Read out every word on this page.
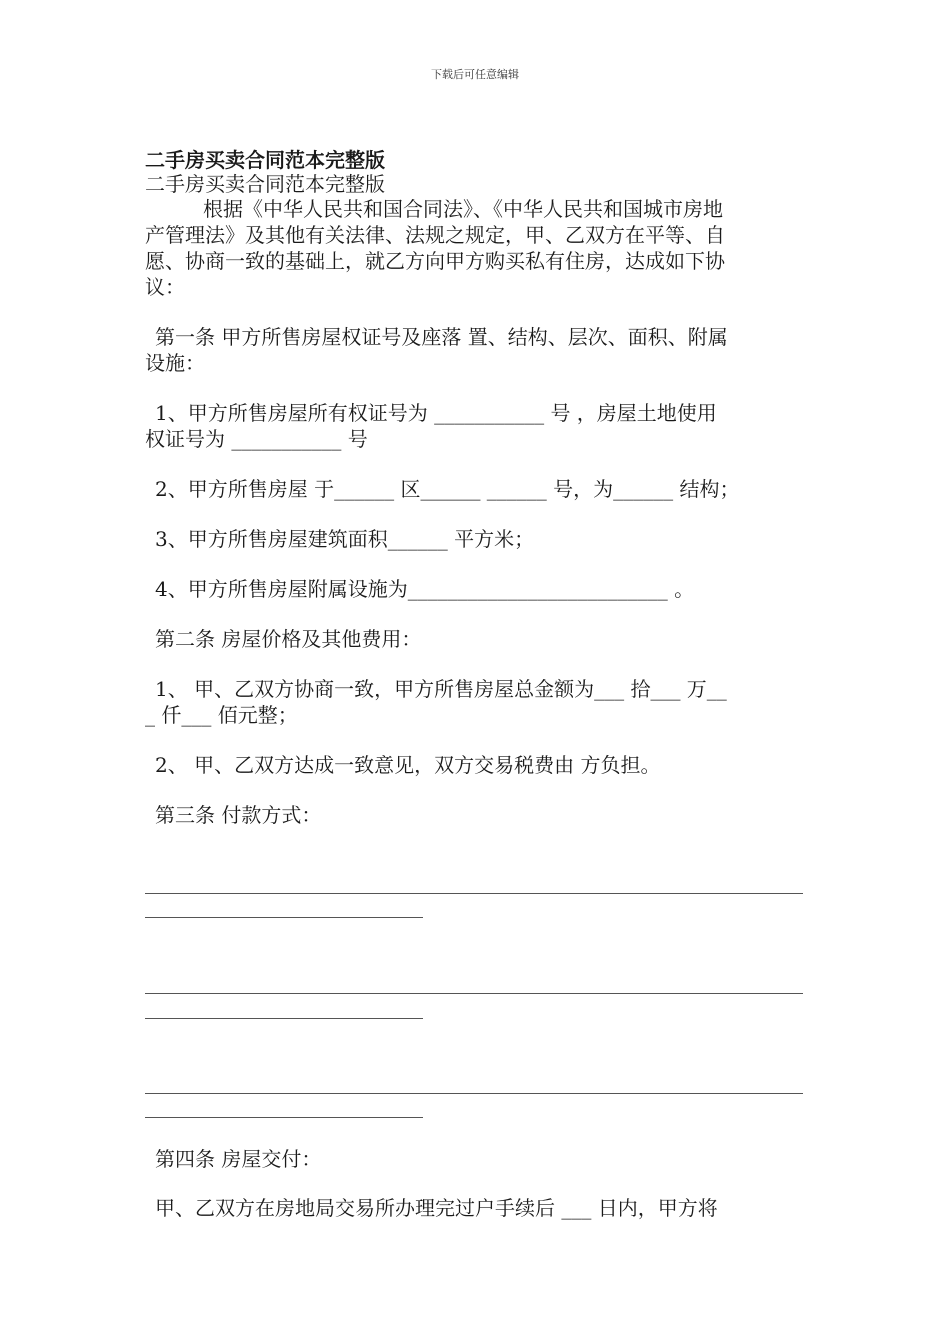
下载后可任意编辑

二手房买卖合同范本完整版

二手房买卖合同范本完整版

根据《中华人民共和国合同法》、《中华人民共和国城市房地

产管理法》及其他有关法律、法规之规定，甲、乙双方在平等、自

愿、协商一致的基础上，就乙方向甲方购买私有住房，达成如下协

议：

第一条 甲方所售房屋权证号及座落 置、结构、层次、面积、附属

设施：

1、甲方所售房屋所有权证号为 ___________ 号 ，房屋土地使用

权证号为 ___________ 号

2、甲方所售房屋 于______ 区______ ______ 号，为______ 结构；

3、甲方所售房屋建筑面积______ 平方米；

4、甲方所售房屋附属设施为__________________________ 。

第二条 房屋价格及其他费用：

1、 甲、乙双方协商一致，甲方所售房屋总金额为___ 拾___ 万__

_ 仟___ 佰元整；

2、 甲、乙双方达成一致意见，双方交易税费由 方负担。

第三条 付款方式：

第四条 房屋交付：
甲、乙双方在房地局交易所办理完过户手续后 ___ 日内，甲方将
